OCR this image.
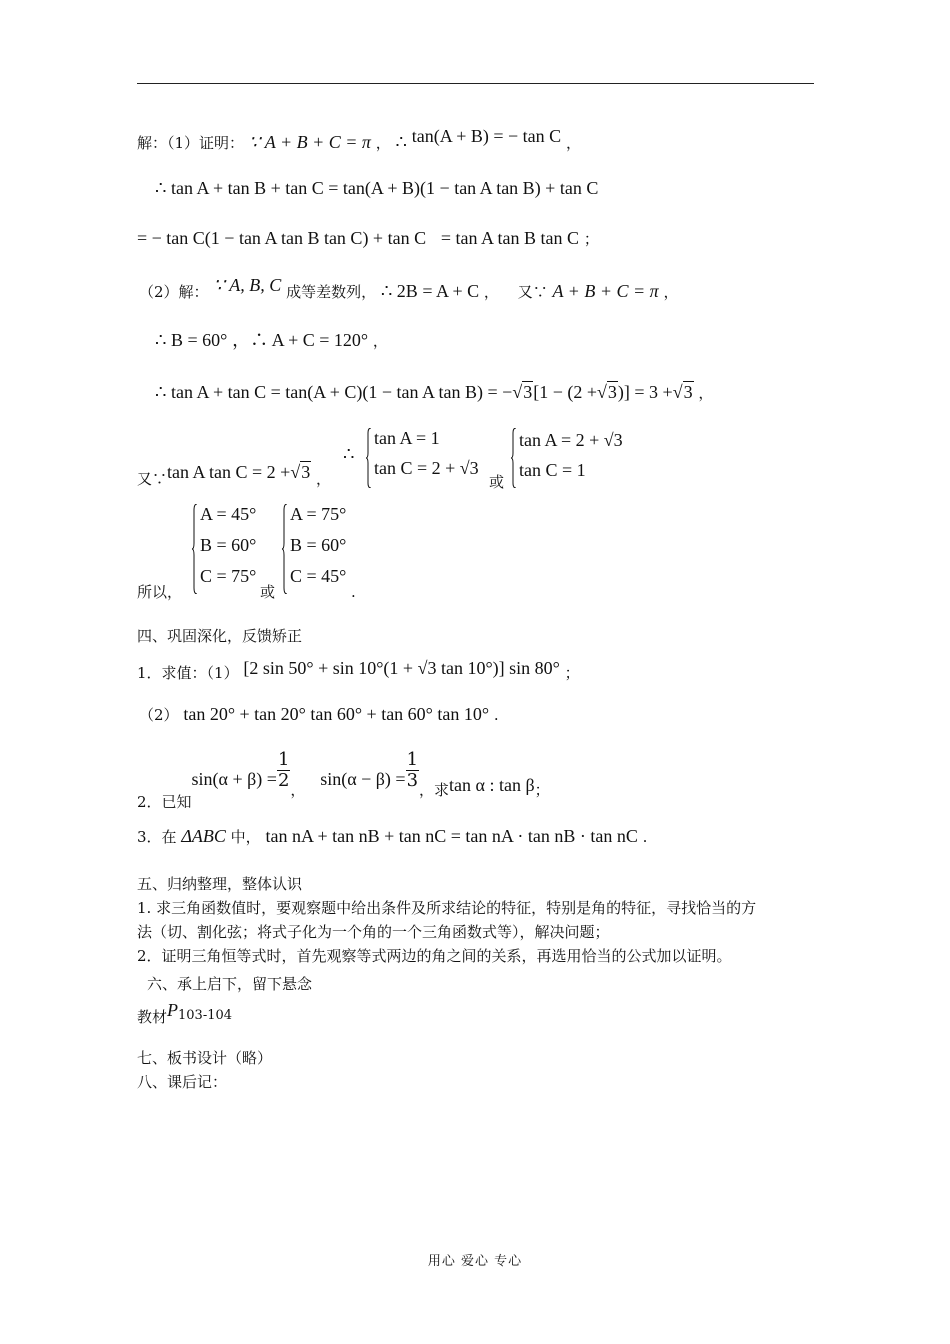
解：（1）证明： ∵ A + B + C = π ， ∴ tan(A + B) = − tan C ，
∴ tan A + tan B + tan C = tan(A + B)(1 − tan A tan B) + tan C
= − tan C(1 − tan A tan B tan C) + tan C = tan A tan B tan C ；
（2）解： ∵ A, B, C 成等差数列， ∴ 2B = A + C ， 又∵ A + B + C = π ，
∴ B = 60° ，∴ A + C = 120° ，
∴ tan A + tan C = tan(A + C)(1 − tan A tan B) = −√3[1 − (2 +√3)] = 3 +√3 ，
又∵tan A tan C = 2 +√3 ，
∴
tan A = 1
tan C = 2 + √3
或
tan A = 2 + √3
tan C = 1
所以，
A = 45°
B = 60°
C = 75°
或
A = 75°
B = 60°
C = 45°
.
四、巩固深化，反馈矫正
1．求值：（1） [2 sin 50° + sin 10°(1 + √3 tan 10°)] sin 80° ；
（2） tan 20° + tan 20° tan 60° + tan 60° tan 10° .
2．已知$\sin(\alpha + \beta) = \frac{1}{2}$ ， $\sin(\alpha - \beta) = \frac{1}{3}$ ，求tan α : tan β；
3．在 ΔABC 中， tan nA + tan nB + tan nC = tan nA · tan nB · tan nC .
五、归纳整理，整体认识
1. 求三角函数值时，要观察题中给出条件及所求结论的特征，特别是角的特征，寻找恰当的方
法（切、割化弦；将式子化为一个角的一个三角函数式等），解决问题；
2．证明三角恒等式时，首先观察等式两边的角之间的关系，再选用恰当的公式加以证明。
六、承上启下，留下悬念
教材P103-104
七、板书设计（略）
八、课后记：
用心 爱心 专心
